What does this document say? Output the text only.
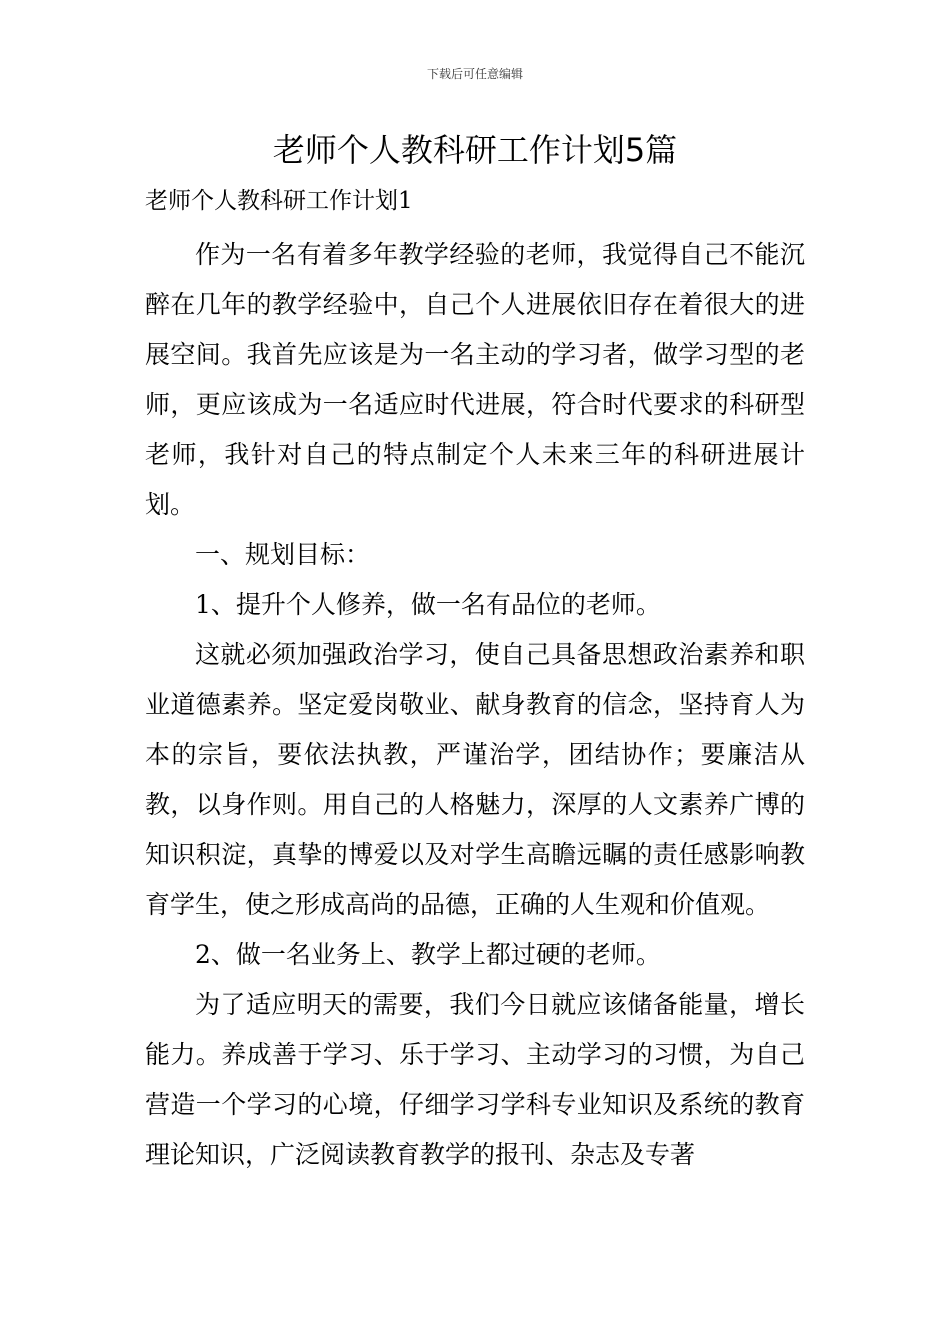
下载后可任意编辑
老师个人教科研工作计划5篇

老师个人教科研工作计划1

作为一名有着多年教学经验的老师，我觉得自己不能沉醉在几年的教学经验中，自己个人进展依旧存在着很大的进展空间。我首先应该是为一名主动的学习者，做学习型的老师，更应该成为一名适应时代进展，符合时代要求的科研型老师，我针对自己的特点制定个人未来三年的科研进展计划。

一、规划目标：

1、提升个人修养，做一名有品位的老师。

这就必须加强政治学习，使自己具备思想政治素养和职业道德素养。坚定爱岗敬业、献身教育的信念，坚持育人为本的宗旨，要依法执教，严谨治学，团结协作；要廉洁从教，以身作则。用自己的人格魅力，深厚的人文素养广博的知识积淀，真挚的博爱以及对学生高瞻远瞩的责任感影响教育学生，使之形成高尚的品德，正确的人生观和价值观。

2、做一名业务上、教学上都过硬的老师。

为了适应明天的需要，我们今日就应该储备能量，增长能力。养成善于学习、乐于学习、主动学习的习惯，为自己营造一个学习的心境，仔细学习学科专业知识及系统的教育理论知识，广泛阅读教育教学的报刊、杂志及专著
